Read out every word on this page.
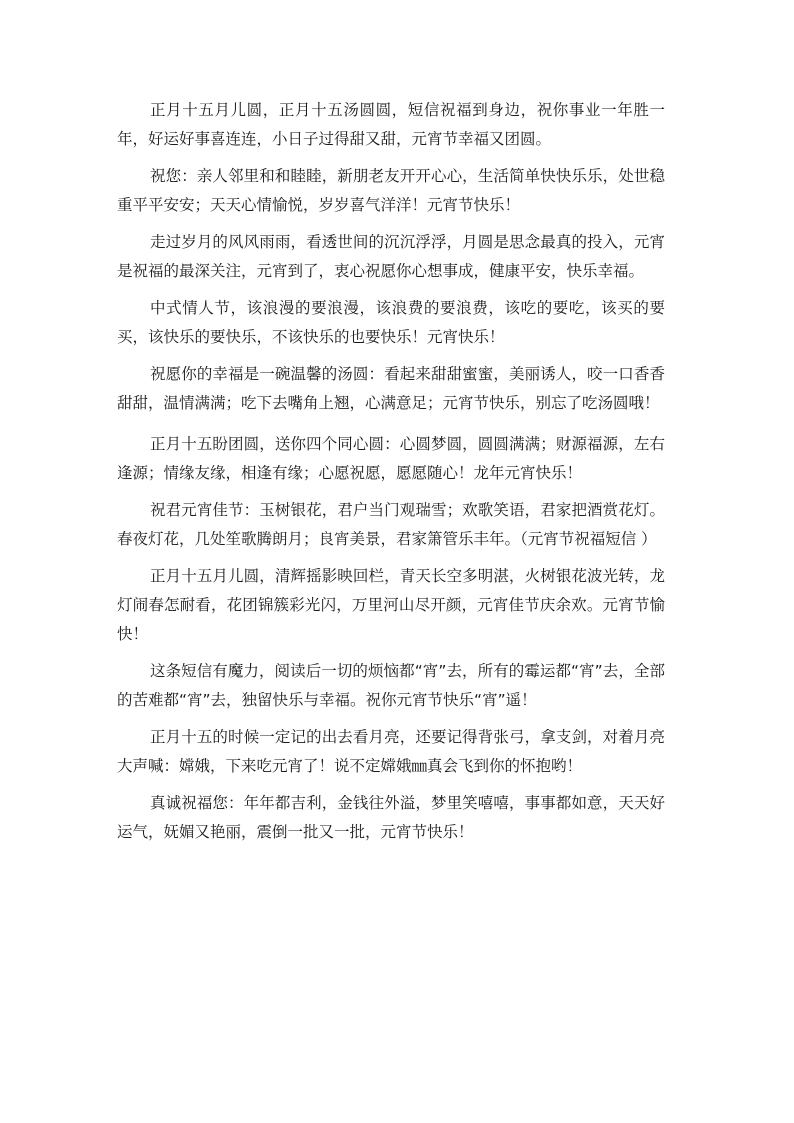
正月十五月儿圆，正月十五汤圆圆，短信祝福到身边，祝你事业一年胜一年，好运好事喜连连，小日子过得甜又甜，元宵节幸福又团圆。

祝您：亲人邻里和和睦睦，新朋老友开开心心，生活简单快快乐乐，处世稳重平平安安；天天心情愉悦，岁岁喜气洋洋！元宵节快乐！

走过岁月的风风雨雨，看透世间的沉沉浮浮，月圆是思念最真的投入，元宵是祝福的最深关注，元宵到了，衷心祝愿你心想事成，健康平安，快乐幸福。

中式情人节，该浪漫的要浪漫，该浪费的要浪费，该吃的要吃，该买的要买，该快乐的要快乐，不该快乐的也要快乐！元宵快乐！

祝愿你的幸福是一碗温馨的汤圆：看起来甜甜蜜蜜，美丽诱人，咬一口香香甜甜，温情满满；吃下去嘴角上翘，心满意足；元宵节快乐，别忘了吃汤圆哦！

正月十五盼团圆，送你四个同心圆：心圆梦圆，圆圆满满；财源福源，左右逢源；情缘友缘，相逢有缘；心愿祝愿，愿愿随心！龙年元宵快乐！

祝君元宵佳节：玉树银花，君户当门观瑞雪；欢歌笑语，君家把酒赏花灯。春夜灯花，几处笙歌腾朗月；良宵美景，君家箫管乐丰年。（元宵节祝福短信 ）

正月十五月儿圆，清辉摇影映回栏，青天长空多明湛，火树银花波光转，龙灯闹春怎耐看，花团锦簇彩光闪，万里河山尽开颜，元宵佳节庆余欢。元宵节愉快！

这条短信有魔力，阅读后一切的烦恼都“宵”去，所有的霉运都“宵”去，全部的苦难都“宵”去，独留快乐与幸福。祝你元宵节快乐“宵”遥！

正月十五的时候一定记的出去看月亮，还要记得背张弓，拿支剑，对着月亮大声喊：嫦娥，下来吃元宵了！说不定嫦娥㎜真会飞到你的怀抱哟！

真诚祝福您：年年都吉利，金钱往外溢，梦里笑嘻嘻，事事都如意，天天好运气，妩媚又艳丽，震倒一批又一批，元宵节快乐！
